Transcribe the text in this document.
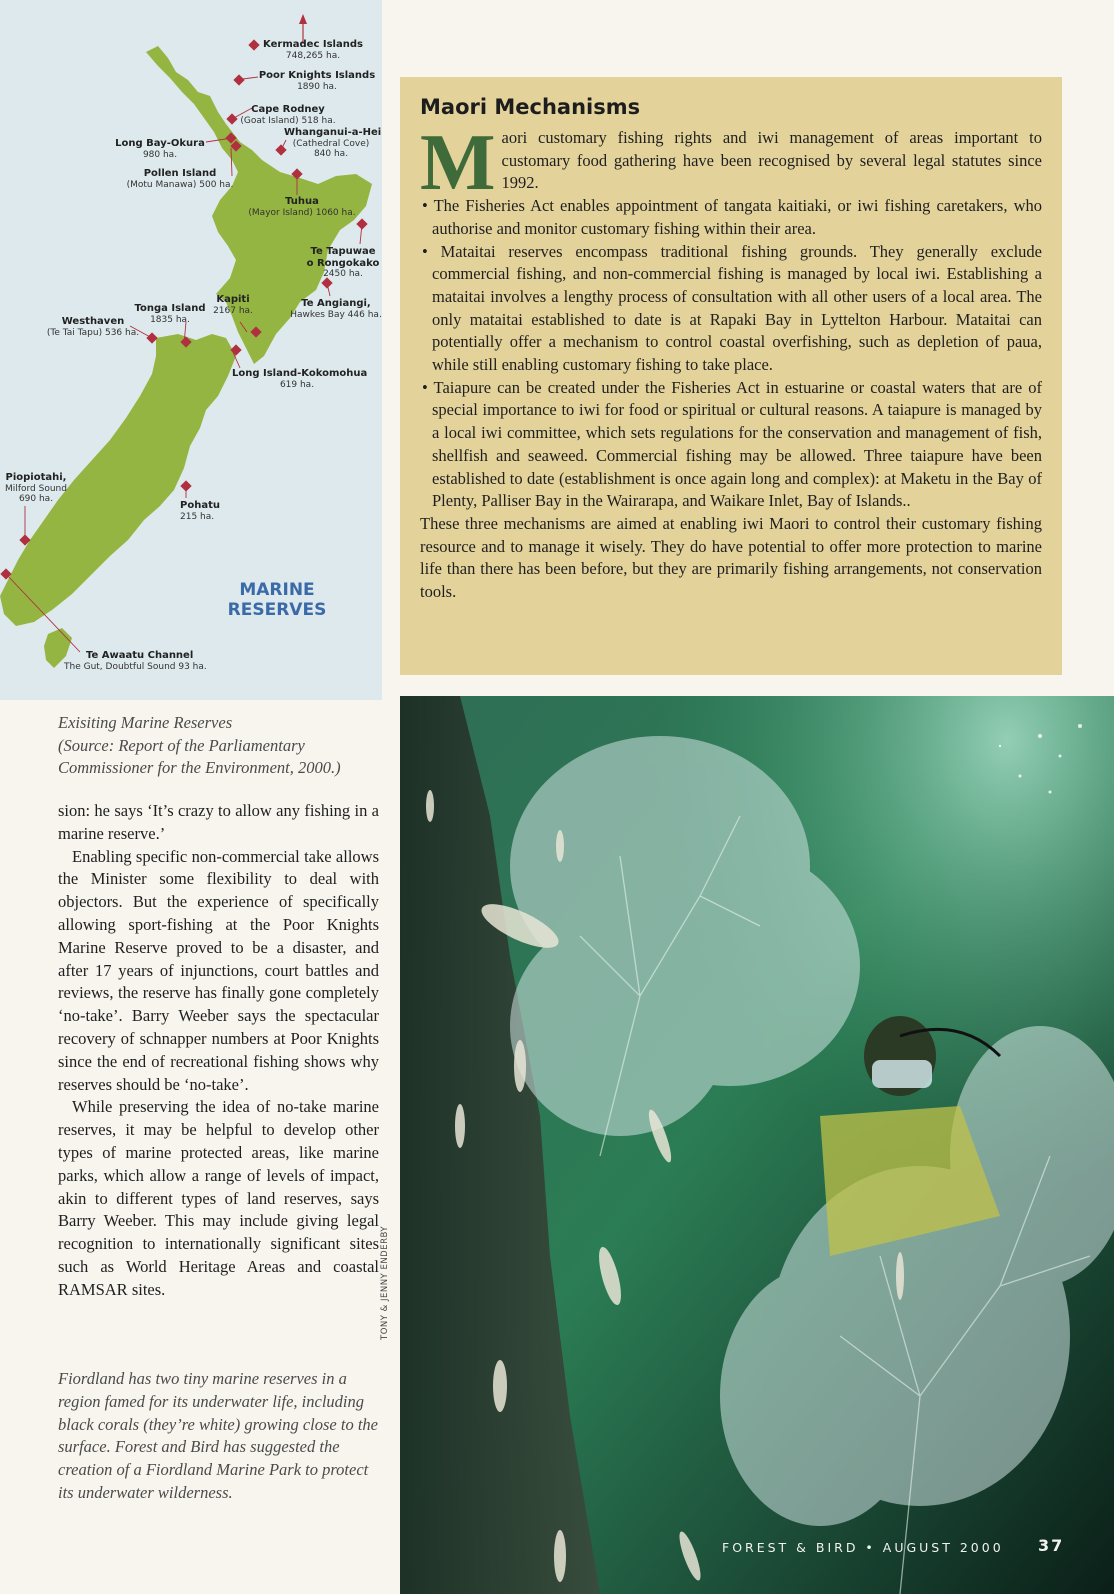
Kermadec Islands
748,265 ha.
Poor Knights Islands
1890 ha.
Cape Rodney
(Goat Island) 518 ha.
Whanganui-a-Hei
(Cathedral Cove)
840 ha.
Long Bay-Okura
980 ha.
Pollen Island
(Motu Manawa) 500 ha.
Tuhua
(Mayor Island) 1060 ha.
Te Tapuwae
o Rongokako
2450 ha.
Kapiti
2167 ha.
Te Angiangi,
Hawkes Bay 446 ha.
Tonga Island
1835 ha.
Westhaven
(Te Tai Tapu) 536 ha.
Long Island-Kokomohua
619 ha.
Piopiotahi,
Milford Sound
690 ha.
Pohatu
215 ha.
Te Awaatu Channel
The Gut, Doubtful Sound 93 ha.
MARINE
RESERVES
Maori Mechanisms
M aori customary fishing rights and iwi management of areas important to customary food gathering have been recognised by several legal statutes since 1992.

• The Fisheries Act enables appointment of tangata kaitiaki, or iwi fishing caretakers, who authorise and monitor customary fishing within their area.

• Mataitai reserves encompass traditional fishing grounds. They generally exclude commercial fishing, and non-commercial fishing is managed by local iwi. Establishing a mataitai involves a lengthy process of consultation with all other users of a local area. The only mataitai established to date is at Rapaki Bay in Lyttelton Harbour. Mataitai can potentially offer a mechanism to control coastal overfishing, such as depletion of paua, while still enabling customary fishing to take place.

• Taiapure can be created under the Fisheries Act in estuarine or coastal waters that are of special importance to iwi for food or spiritual or cultural reasons. A taiapure is managed by a local iwi committee, which sets regulations for the conservation and management of fish, shellfish and seaweed. Commercial fishing may be allowed. Three taiapure have been established to date (establishment is once again long and complex): at Maketu in the Bay of Plenty, Palliser Bay in the Wairarapa, and Waikare Inlet, Bay of Islands..

These three mechanisms are aimed at enabling iwi Maori to control their customary fishing resource and to manage it wisely. They do have potential to offer more protection to marine life than there has been before, but they are primarily fishing arrangements, not conservation tools.

Exisiting Marine Reserves
(Source: Report of the Parliamentary
Commissioner for the Environment, 2000.)

sion: he says ‘It’s crazy to allow any fishing in a marine reserve.’

Enabling specific non-commercial take allows the Minister some flexibility to deal with objectors. But the experience of specifically allowing sport-fishing at the Poor Knights Marine Reserve proved to be a disaster, and after 17 years of injunctions, court battles and reviews, the reserve has finally gone completely ‘no-take’. Barry Weeber says the spectacular recovery of schnapper numbers at Poor Knights since the end of recreational fishing shows why reserves should be ‘no-take’.

While preserving the idea of no-take marine reserves, it may be helpful to develop other types of marine protected areas, like marine parks, which allow a range of levels of impact, akin to different types of land reserves, says Barry Weeber. This may include giving legal recognition to internationally significant sites such as World Heritage Areas and coastal RAMSAR sites.

Fiordland has two tiny marine reserves in a region famed for its underwater life, including black corals (they’re white) growing close to the surface. Forest and Bird has suggested the creation of a Fiordland Marine Park to protect its underwater wilderness.
TONY & JENNY ENDERBY
FOREST & BIRD • AUGUST 2000 37
